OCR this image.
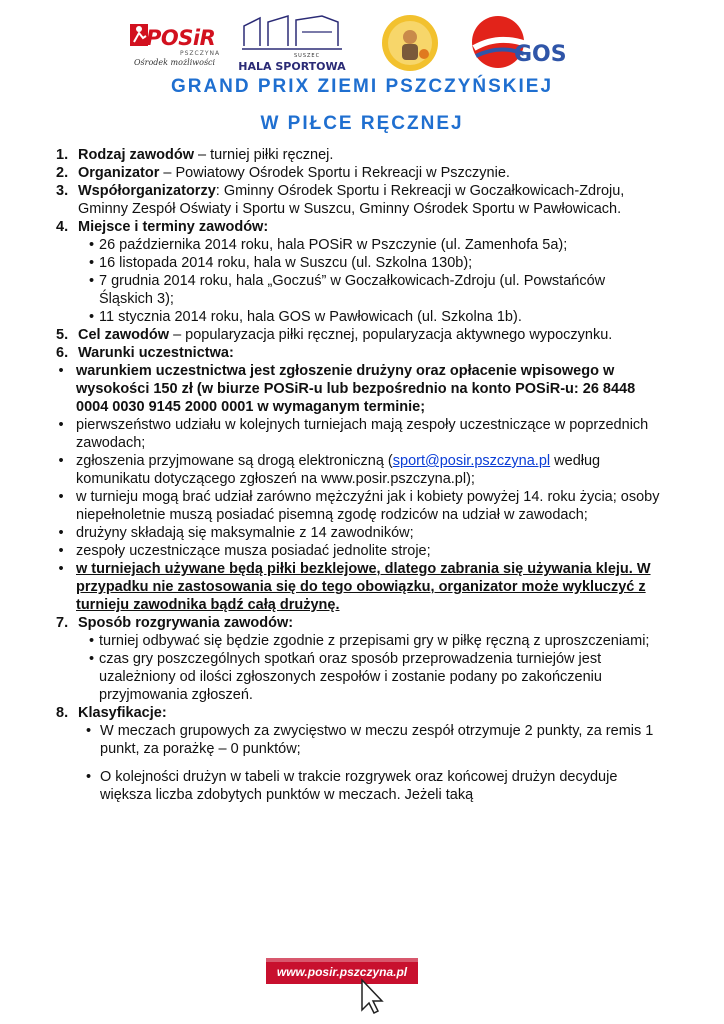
POSiR
PSZCZYNA
Ośrodek możliwości
SUSZEC
HALA SPORTOWA	GOS
GRAND PRIX ZIEMI PSZCZYŃSKIEJ
W PIŁCE RĘCZNEJ
1. Rodzaj zawodów – turniej piłki ręcznej.
2. Organizator – Powiatowy Ośrodek Sportu i Rekreacji w Pszczynie.
3. Współorganizatorzy: Gminny Ośrodek Sportu i Rekreacji w Goczałkowicach-Zdroju, Gminny Zespół Oświaty i Sportu w Suszcu, Gminny Ośrodek Sportu w Pawłowicach.
4. Miejsce i terminy zawodów:
• 26 października 2014 roku, hala POSiR w Pszczynie (ul. Zamenhofa 5a);
• 16 listopada 2014 roku, hala w Suszcu (ul. Szkolna 130b);
• 7 grudnia 2014 roku, hala „Goczuś” w Goczałkowicach-Zdroju (ul. Powstańców Śląskich 3);
• 11 stycznia 2014 roku, hala GOS w Pawłowicach (ul. Szkolna 1b).
5. Cel zawodów – popularyzacja piłki ręcznej, popularyzacja aktywnego wypoczynku.
6. Warunki uczestnictwa:
• warunkiem uczestnictwa jest zgłoszenie drużyny oraz opłacenie wpisowego w wysokości 150 zł (w biurze POSiR-u lub bezpośrednio na konto POSiR-u: 26 8448 0004 0030 9145 2000 0001 w wymaganym terminie;
• pierwszeństwo udziału w kolejnych turniejach mają zespoły uczestniczące w poprzednich zawodach;
• zgłoszenia przyjmowane są drogą elektroniczną (sport@posir.pszczyna.pl według komunikatu dotyczącego zgłoszeń na www.posir.pszczyna.pl);
• w turnieju mogą brać udział zarówno mężczyźni jak i kobiety powyżej 14. roku życia; osoby niepełnoletnie muszą posiadać pisemną zgodę rodziców na udział w zawodach;
• drużyny składają się maksymalnie z 14 zawodników;
• zespoły uczestniczące musza posiadać jednolite stroje;
• w turniejach używane będą piłki bezklejowe, dlatego zabrania się używania kleju. W przypadku nie zastosowania się do tego obowiązku, organizator może wykluczyć z turnieju zawodnika bądź całą drużynę.
7. Sposób rozgrywania zawodów:
• turniej odbywać się będzie zgodnie z przepisami gry w piłkę ręczną z uproszczeniami;
• czas gry poszczególnych spotkań oraz sposób przeprowadzenia turniejów jest uzależniony od ilości zgłoszonych zespołów i zostanie podany po zakończeniu przyjmowania zgłoszeń.
8. Klasyfikacje:
• W meczach grupowych za zwycięstwo w meczu zespół otrzymuje 2 punkty, za remis 1 punkt, za porażkę – 0 punktów;
• O kolejności drużyn w tabeli w trakcie rozgrywek oraz końcowej drużyn decyduje większa liczba zdobytych punktów w meczach. Jeżeli taką
www.posir.pszczyna.pl
